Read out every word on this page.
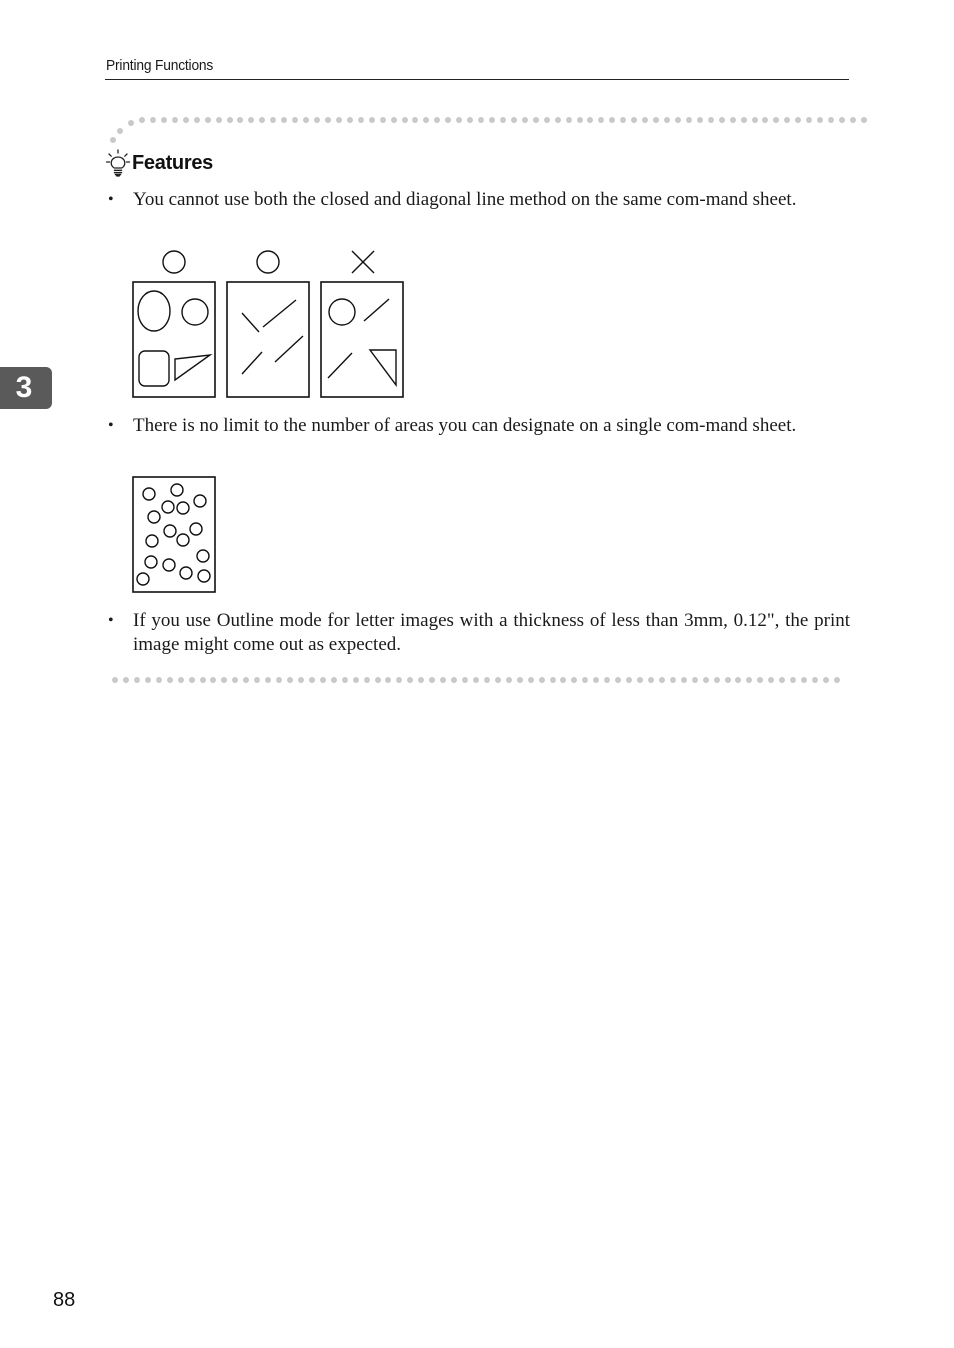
Printing Functions
Features
•	You cannot use both the closed and diagonal line method on the same com-mand sheet.
•	There is no limit to the number of areas you can designate on a single com-mand sheet.
•	If you use Outline mode for letter images with a thickness of less than 3mm, 0.12", the print image might come out as expected.
3
88
